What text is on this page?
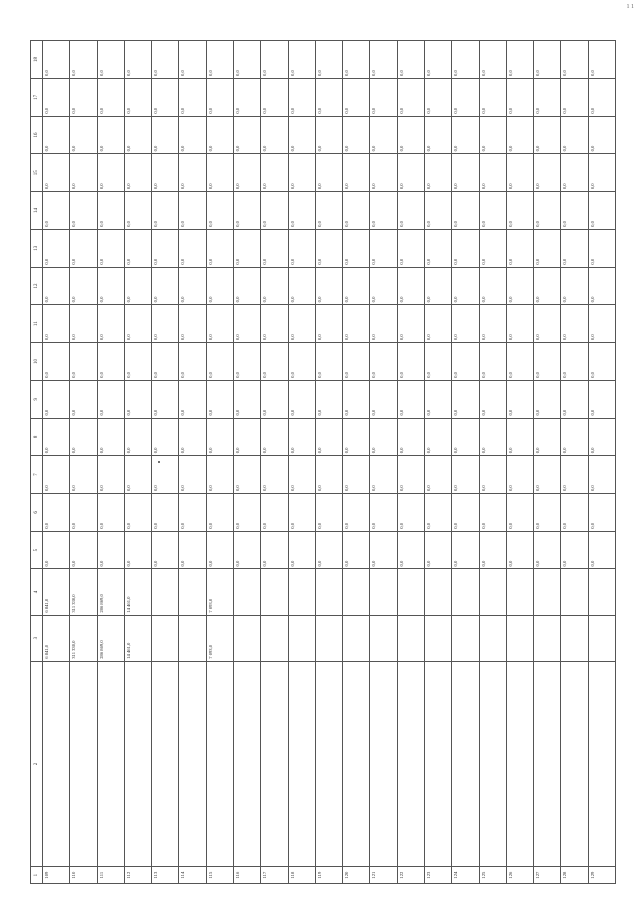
1 1
1	2	3	4	5	6	7	8	9	10	11	12	13	14	15	16	17	18
109		6 841,0	6 841,0	0,0	0,0	0,0	0,0	0,0	0,0	0,0	0,0	0,0	0,0	0,0	0,0	0,0	0,0
110		311 330,0	311 330,0	0,0	0,0	0,0	0,0	0,0	0,0	0,0	0,0	0,0	0,0	0,0	0,0	0,0	0,0
111		286 869,0	286 869,0	0,0	0,0	0,0	0,0	0,0	0,0	0,0	0,0	0,0	0,0	0,0	0,0	0,0	0,0
112		14 461,0	14 461,0	0,0	0,0	0,0	0,0	0,0	0,0	0,0	0,0	0,0	0,0	0,0	0,0	0,0	0,0
113				0,0	0,0	0,0	0,0	0,0	0,0	0,0	0,0	0,0	0,0	0,0	0,0	0,0	0,0
114				0,0	0,0	0,0	0,0	0,0	0,0	0,0	0,0	0,0	0,0	0,0	0,0	0,0	0,0
115		7 093,0	7 093,0	0,0	0,0	0,0	0,0	0,0	0,0	0,0	0,0	0,0	0,0	0,0	0,0	0,0	0,0
116				0,0	0,0	0,0	0,0	0,0	0,0	0,0	0,0	0,0	0,0	0,0	0,0	0,0	0,0
117				0,0	0,0	0,0	0,0	0,0	0,0	0,0	0,0	0,0	0,0	0,0	0,0	0,0	0,0
118				0,0	0,0	0,0	0,0	0,0	0,0	0,0	0,0	0,0	0,0	0,0	0,0	0,0	0,0
119				0,0	0,0	0,0	0,0	0,0	0,0	0,0	0,0	0,0	0,0	0,0	0,0	0,0	0,0
120				0,0	0,0	0,0	0,0	0,0	0,0	0,0	0,0	0,0	0,0	0,0	0,0	0,0	0,0
121				0,0	0,0	0,0	0,0	0,0	0,0	0,0	0,0	0,0	0,0	0,0	0,0	0,0	0,0
122				0,0	0,0	0,0	0,0	0,0	0,0	0,0	0,0	0,0	0,0	0,0	0,0	0,0	0,0
123				0,0	0,0	0,0	0,0	0,0	0,0	0,0	0,0	0,0	0,0	0,0	0,0	0,0	0,0
124				0,0	0,0	0,0	0,0	0,0	0,0	0,0	0,0	0,0	0,0	0,0	0,0	0,0	0,0
125				0,0	0,0	0,0	0,0	0,0	0,0	0,0	0,0	0,0	0,0	0,0	0,0	0,0	0,0
126				0,0	0,0	0,0	0,0	0,0	0,0	0,0	0,0	0,0	0,0	0,0	0,0	0,0	0,0
127				0,0	0,0	0,0	0,0	0,0	0,0	0,0	0,0	0,0	0,0	0,0	0,0	0,0	0,0
128				0,0	0,0	0,0	0,0	0,0	0,0	0,0	0,0	0,0	0,0	0,0	0,0	0,0	0,0
129				0,0	0,0	0,0	0,0	0,0	0,0	0,0	0,0	0,0	0,0	0,0	0,0	0,0	0,0
